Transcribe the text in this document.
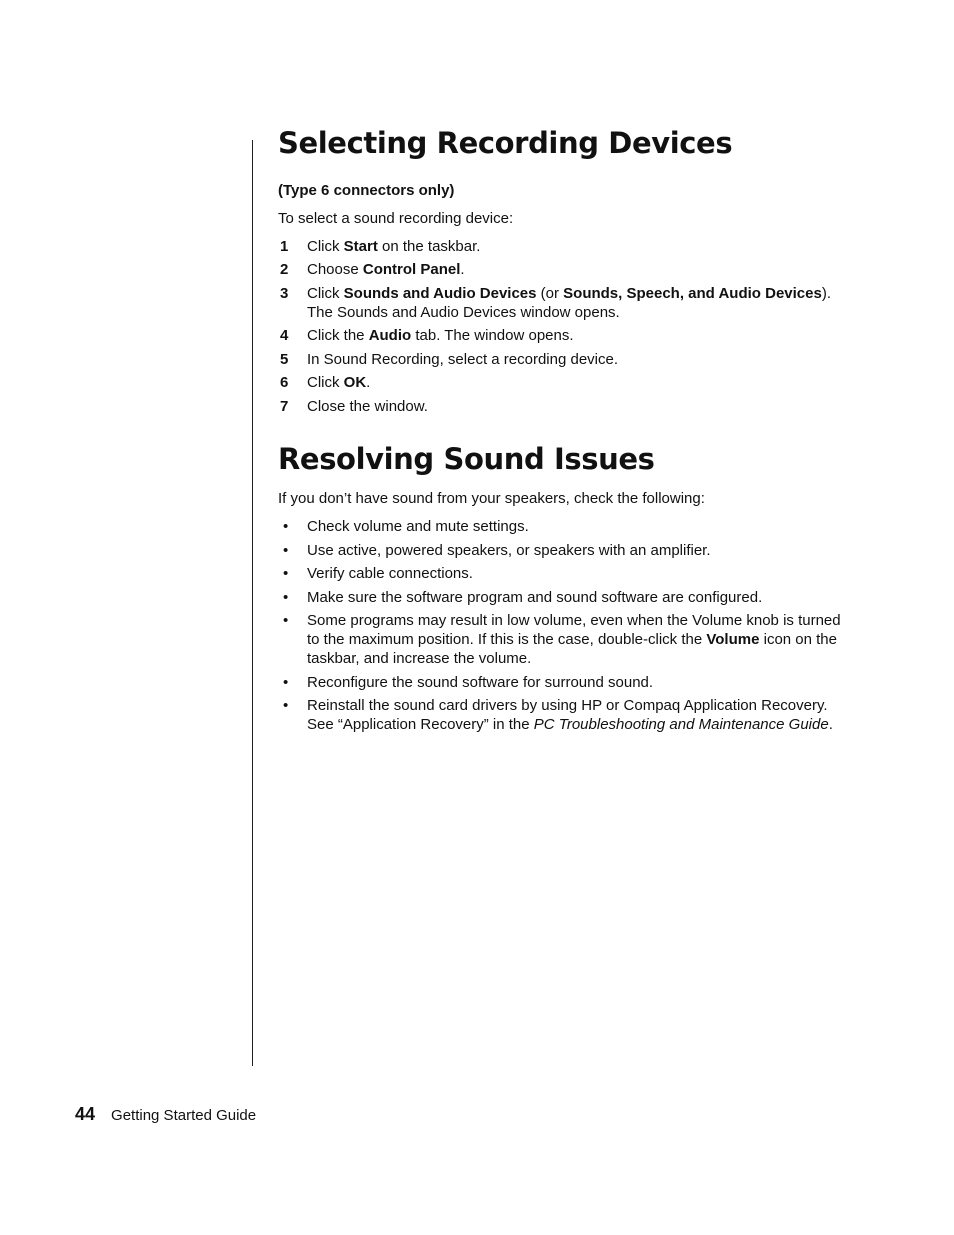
Selecting Recording Devices
(Type 6 connectors only)

To select a sound recording device:

1 Click Start on the taskbar.
2 Choose Control Panel.
3 Click Sounds and Audio Devices (or Sounds, Speech, and Audio Devices). The Sounds and Audio Devices window opens.
4 Click the Audio tab. The window opens.
5 In Sound Recording, select a recording device.
6 Click OK.
7 Close the window.
Resolving Sound Issues

If you don’t have sound from your speakers, check the following:

• Check volume and mute settings.
• Use active, powered speakers, or speakers with an amplifier.
• Verify cable connections.
• Make sure the software program and sound software are configured.
• Some programs may result in low volume, even when the Volume knob is turned to the maximum position. If this is the case, double-click the Volume icon on the taskbar, and increase the volume.
• Reconfigure the sound software for surround sound.
• Reinstall the sound card drivers by using HP or Compaq Application Recovery. See “Application Recovery” in the PC Troubleshooting and Maintenance Guide.
44 Getting Started Guide
